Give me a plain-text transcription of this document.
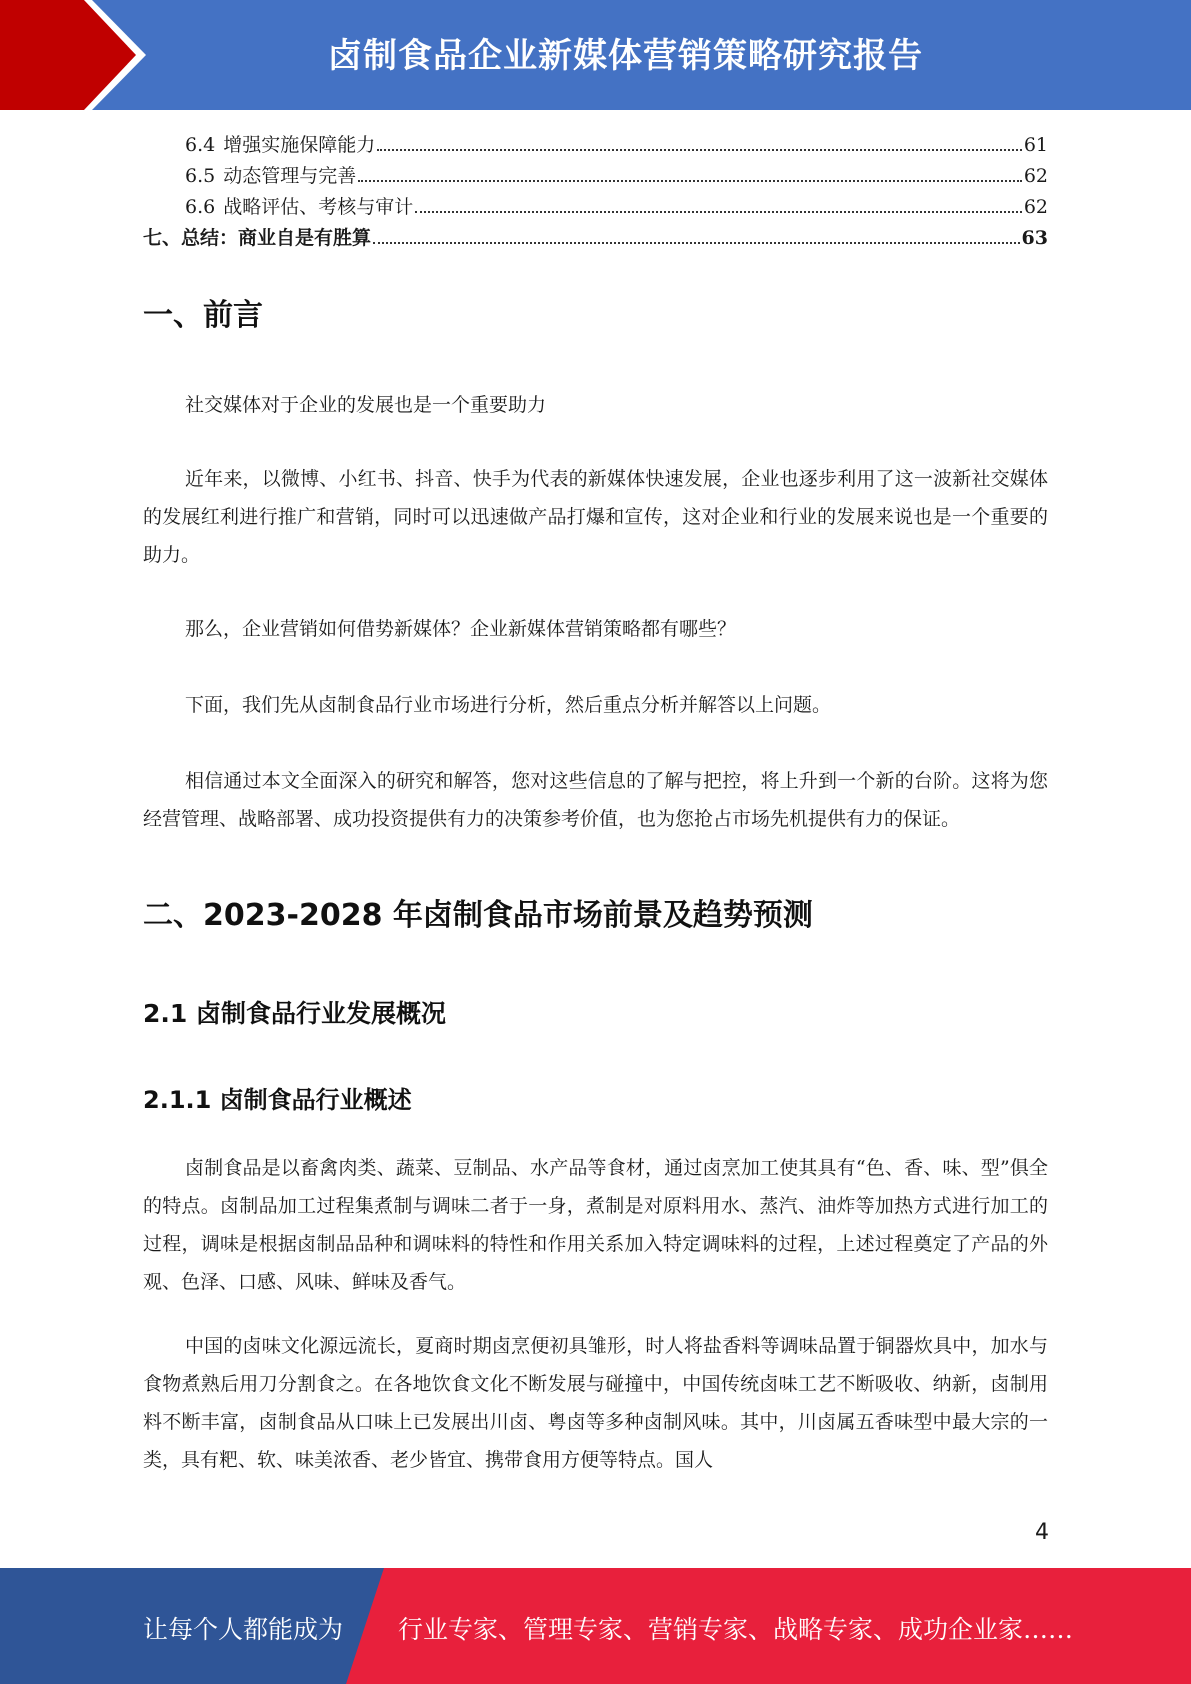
卤制食品企业新媒体营销策略研究报告
6.4 增强实施保障能力	61
6.5 动态管理与完善	62
6.6 战略评估、考核与审计	62
七、 总结：商业自是有胜算	63
一、前言

社交媒体对于企业的发展也是一个重要助力

近年来，以微博、小红书、抖音、快手为代表的新媒体快速发展，企业也逐步利用了这一波新社交媒体的发展红利进行推广和营销，同时可以迅速做产品打爆和宣传，这对企业和行业的发展来说也是一个重要的助力。

那么，企业营销如何借势新媒体？企业新媒体营销策略都有哪些？

下面，我们先从卤制食品行业市场进行分析，然后重点分析并解答以上问题。

相信通过本文全面深入的研究和解答，您对这些信息的了解与把控，将上升到一个新的台阶。这将为您经营管理、战略部署、成功投资提供有力的决策参考价值，也为您抢占市场先机提供有力的保证。

二、2023-2028 年卤制食品市场前景及趋势预测
2.1 卤制食品行业发展概况
2.1.1 卤制食品行业概述

卤制食品是以畜禽肉类、蔬菜、豆制品、水产品等食材，通过卤烹加工使其具有“色、香、味、型”俱全的特点。卤制品加工过程集煮制与调味二者于一身，煮制是对原料用水、蒸汽、油炸等加热方式进行加工的过程，调味是根据卤制品品种和调味料的特性和作用关系加入特定调味料的过程，上述过程奠定了产品的外观、色泽、口感、风味、鲜味及香气。

中国的卤味文化源远流长，夏商时期卤烹便初具雏形，时人将盐香料等调味品置于铜器炊具中，加水与食物煮熟后用刀分割食之。在各地饮食文化不断发展与碰撞中，中国传统卤味工艺不断吸收、纳新，卤制用料不断丰富，卤制食品从口味上已发展出川卤、粤卤等多种卤制风味。其中，川卤属五香味型中最大宗的一类，具有粑、软、味美浓香、老少皆宜、携带食用方便等特点。国人

4
让每个人都能成为 行业专家、管理专家、营销专家、战略专家、成功企业家……
